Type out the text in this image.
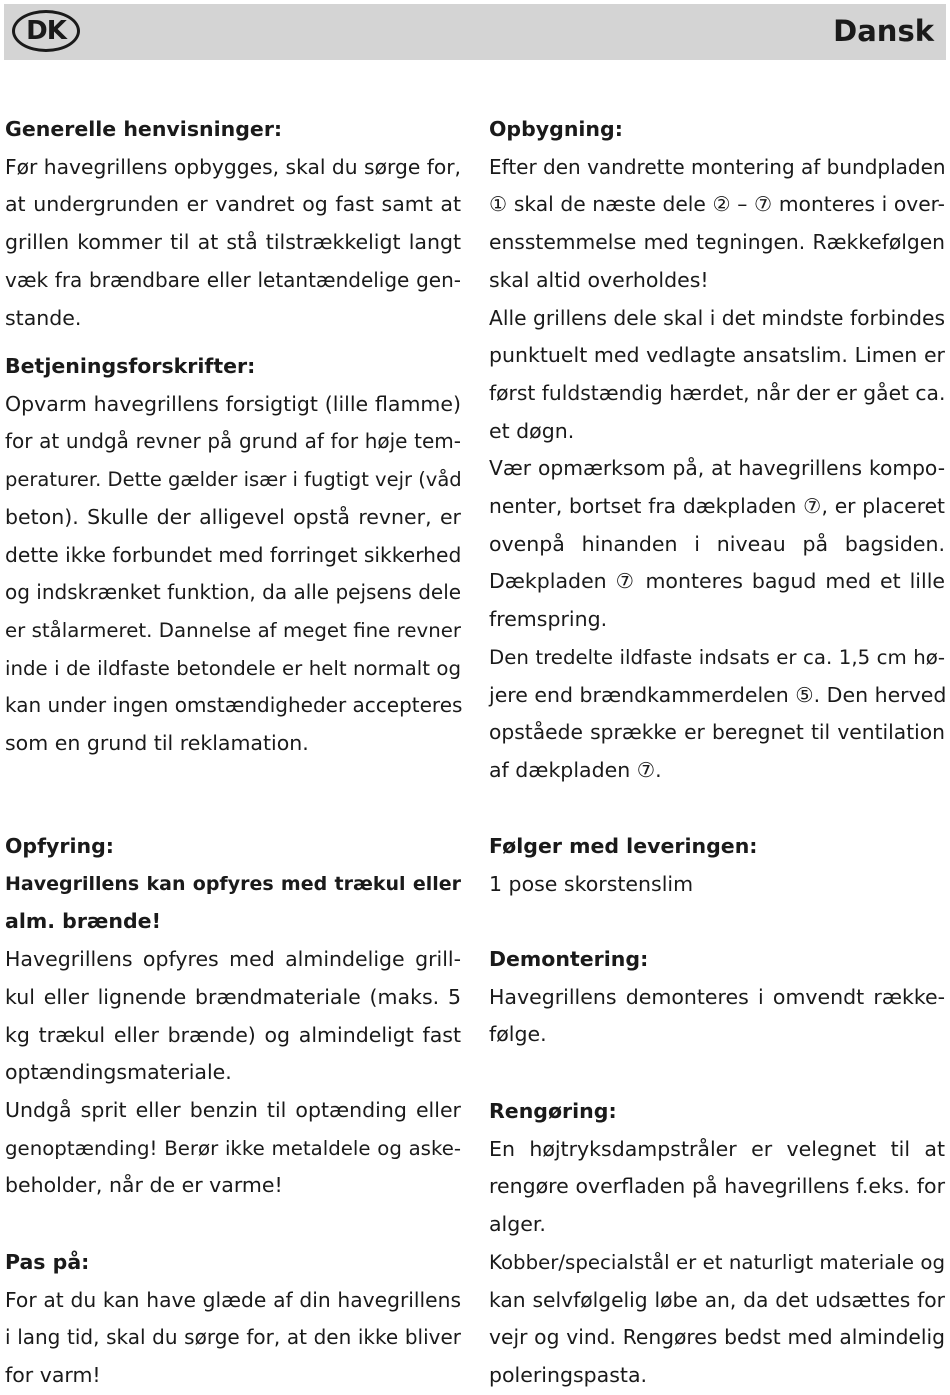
DK	Dansk
Generelle henvisninger:
Før havegrillens opbygges, skal du sørge for,
at undergrunden er vandret og fast samt at
grillen kommer til at stå tilstrækkeligt langt
væk fra brændbare eller letantændelige gen-
stande.
Betjeningsforskrifter:
Opvarm havegrillens forsigtigt (lille flamme)
for at undgå revner på grund af for høje tem-
peraturer. Dette gælder især i fugtigt vejr (våd
beton). Skulle der alligevel opstå revner, er
dette ikke forbundet med forringet sikkerhed
og indskrænket funktion, da alle pejsens dele
er stålarmeret. Dannelse af meget fine revner
inde i de ildfaste betondele er helt normalt og
kan under ingen omstændigheder accepteres
som en grund til reklamation.
Opfyring:
Havegrillens kan opfyres med trækul eller
alm. brænde!
Havegrillens opfyres med almindelige grill-
kul eller lignende brændmateriale (maks. 5
kg trækul eller brænde) og almindeligt fast
optændingsmateriale.
Undgå sprit eller benzin til optænding eller
genoptænding! Berør ikke metaldele og aske-
beholder, når de er varme!
Pas på:
For at du kan have glæde af din havegrillens
i lang tid, skal du sørge for, at den ikke bliver
for varm!
Opbygning:
Efter den vandrette montering af bundpladen
① skal de næste dele ② – ⑦ monteres i over-
ensstemmelse med tegningen. Rækkefølgen
skal altid overholdes!
Alle grillens dele skal i det mindste forbindes
punktuelt med vedlagte ansatslim. Limen er
først fuldstændig hærdet, når der er gået ca.
et døgn.
Vær opmærksom på, at havegrillens kompo-
nenter, bortset fra dækpladen ⑦, er placeret
ovenpå hinanden i niveau på bagsiden.
Dækpladen ⑦ monteres bagud med et lille
fremspring.
Den tredelte ildfaste indsats er ca. 1,5 cm hø-
jere end brændkammerdelen ⑤. Den herved
opståede sprække er beregnet til ventilation
af dækpladen ⑦.
Følger med leveringen:
1 pose skorstenslim
Demontering:
Havegrillens demonteres i omvendt række-
følge.
Rengøring:
En højtryksdampstråler er velegnet til at
rengøre overfladen på havegrillens f.eks. for
alger.
Kobber/specialstål er et naturligt materiale og
kan selvfølgelig løbe an, da det udsættes for
vejr og vind. Rengøres bedst med almindelig
poleringspasta.
